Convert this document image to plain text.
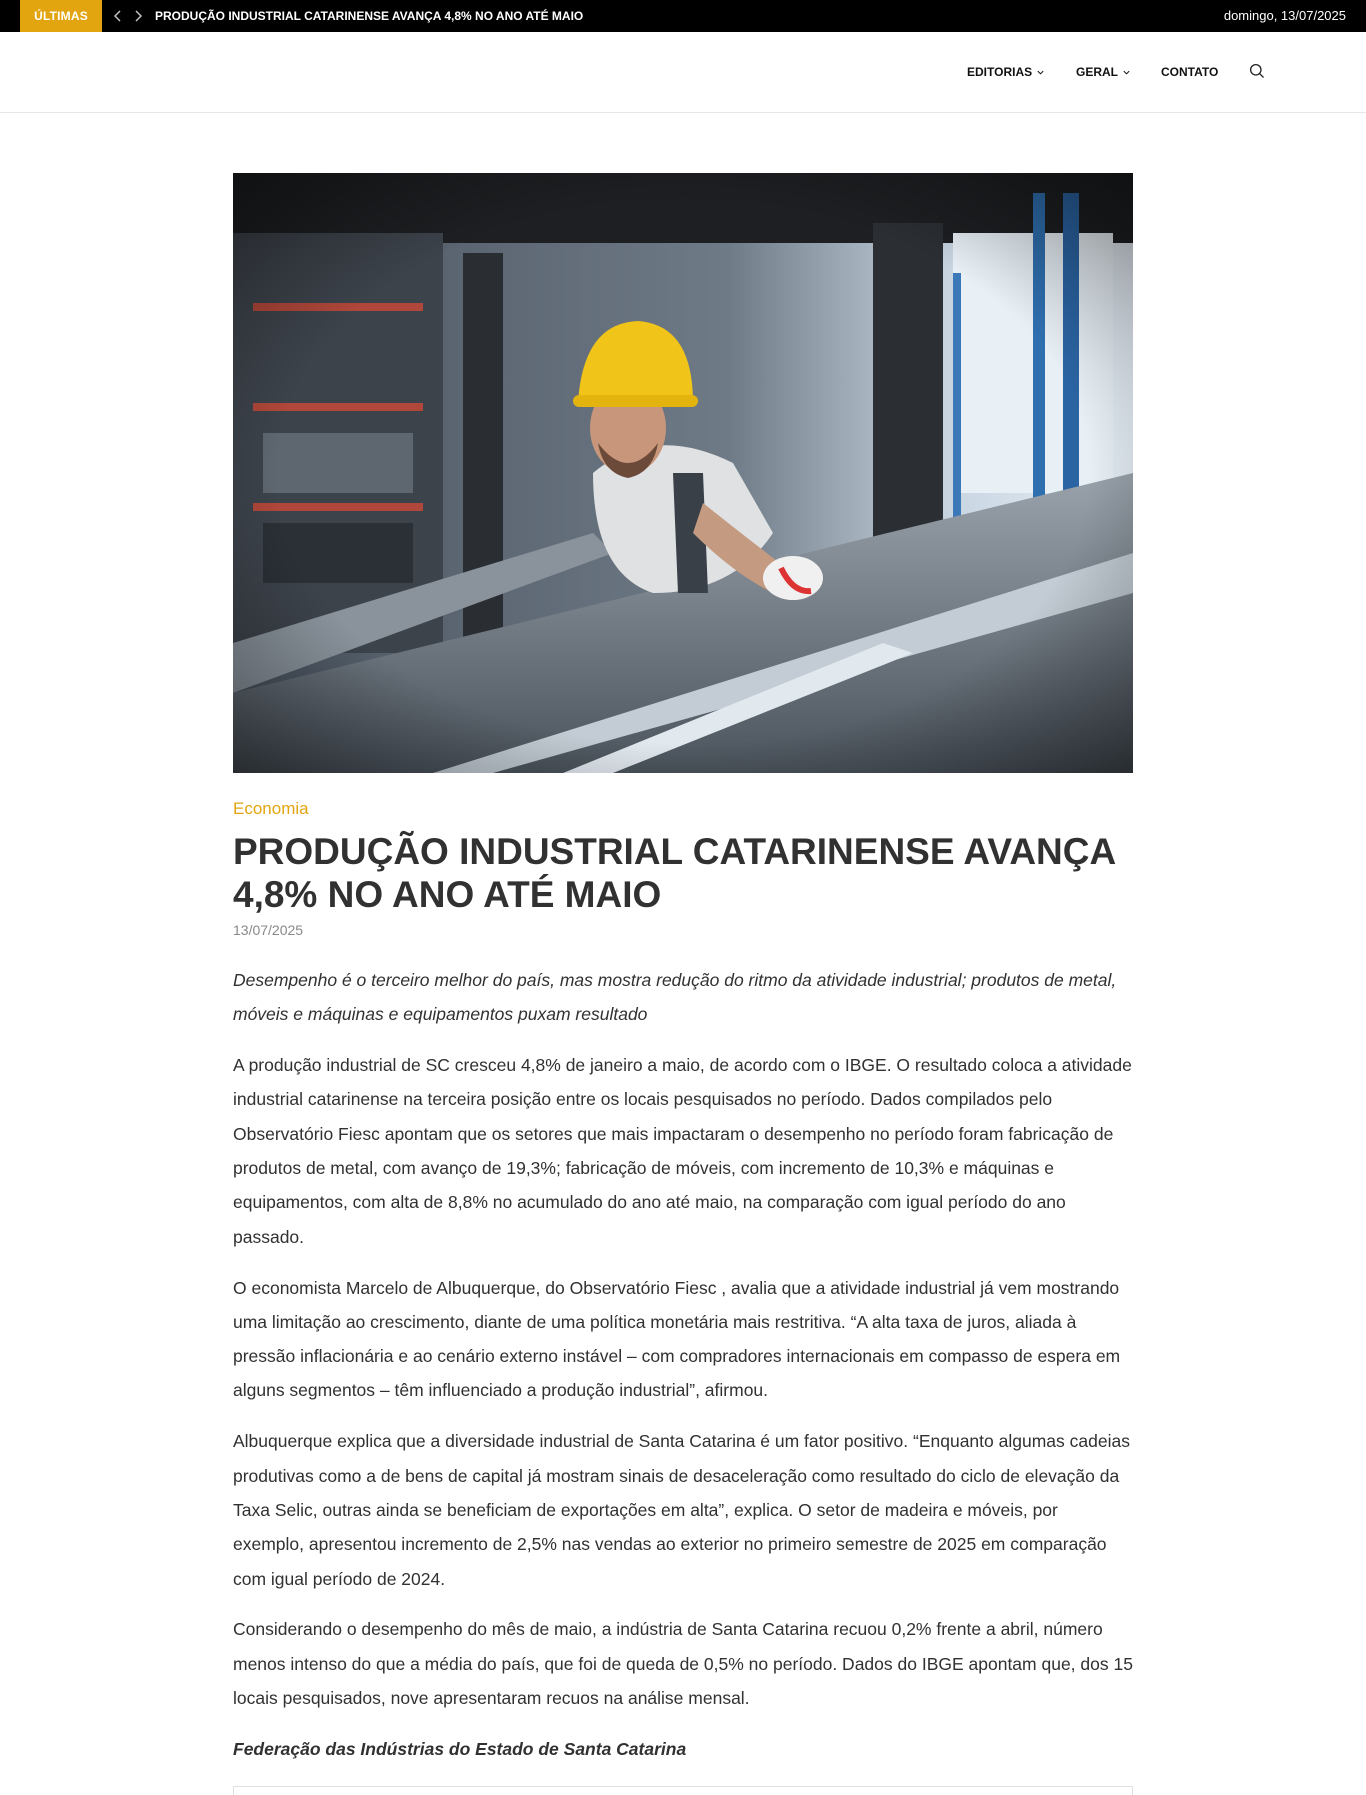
ÚLTIMAS	PRODUÇÃO INDUSTRIAL CATARINENSE AVANÇA 4,8% NO ANO ATÉ MAIO	domingo, 13/07/2025
EDITORIAS	GERAL	CONTATO
Economia
PRODUÇÃO INDUSTRIAL CATARINENSE AVANÇA 4,8% NO ANO ATÉ MAIO
13/07/2025

Desempenho é o terceiro melhor do país, mas mostra redução do ritmo da atividade industrial; produtos de metal, móveis e máquinas e equipamentos puxam resultado

A produção industrial de SC cresceu 4,8% de janeiro a maio, de acordo com o IBGE. O resultado coloca a atividade industrial catarinense na terceira posição entre os locais pesquisados no período. Dados compilados pelo Observatório Fiesc apontam que os setores que mais impactaram o desempenho no período foram fabricação de produtos de metal, com avanço de 19,3%; fabricação de móveis, com incremento de 10,3% e máquinas e equipamentos, com alta de 8,8% no acumulado do ano até maio, na comparação com igual período do ano passado.

O economista Marcelo de Albuquerque, do Observatório Fiesc , avalia que a atividade industrial já vem mostrando uma limitação ao crescimento, diante de uma política monetária mais restritiva. “A alta taxa de juros, aliada à pressão inflacionária e ao cenário externo instável – com compradores internacionais em compasso de espera em alguns segmentos – têm influenciado a produção industrial”, afirmou.

Albuquerque explica que a diversidade industrial de Santa Catarina é um fator positivo. “Enquanto algumas cadeias produtivas como a de bens de capital já mostram sinais de desaceleração como resultado do ciclo de elevação da Taxa Selic, outras ainda se beneficiam de exportações em alta”, explica. O setor de madeira e móveis, por exemplo, apresentou incremento de 2,5% nas vendas ao exterior no primeiro semestre de 2025 em comparação com igual período de 2024.

Considerando o desempenho do mês de maio, a indústria de Santa Catarina recuou 0,2% frente a abril, número menos intenso do que a média do país, que foi de queda de 0,5% no período. Dados do IBGE apontam que, dos 15 locais pesquisados, nove apresentaram recuos na análise mensal.

Federação das Indústrias do Estado de Santa Catarina
